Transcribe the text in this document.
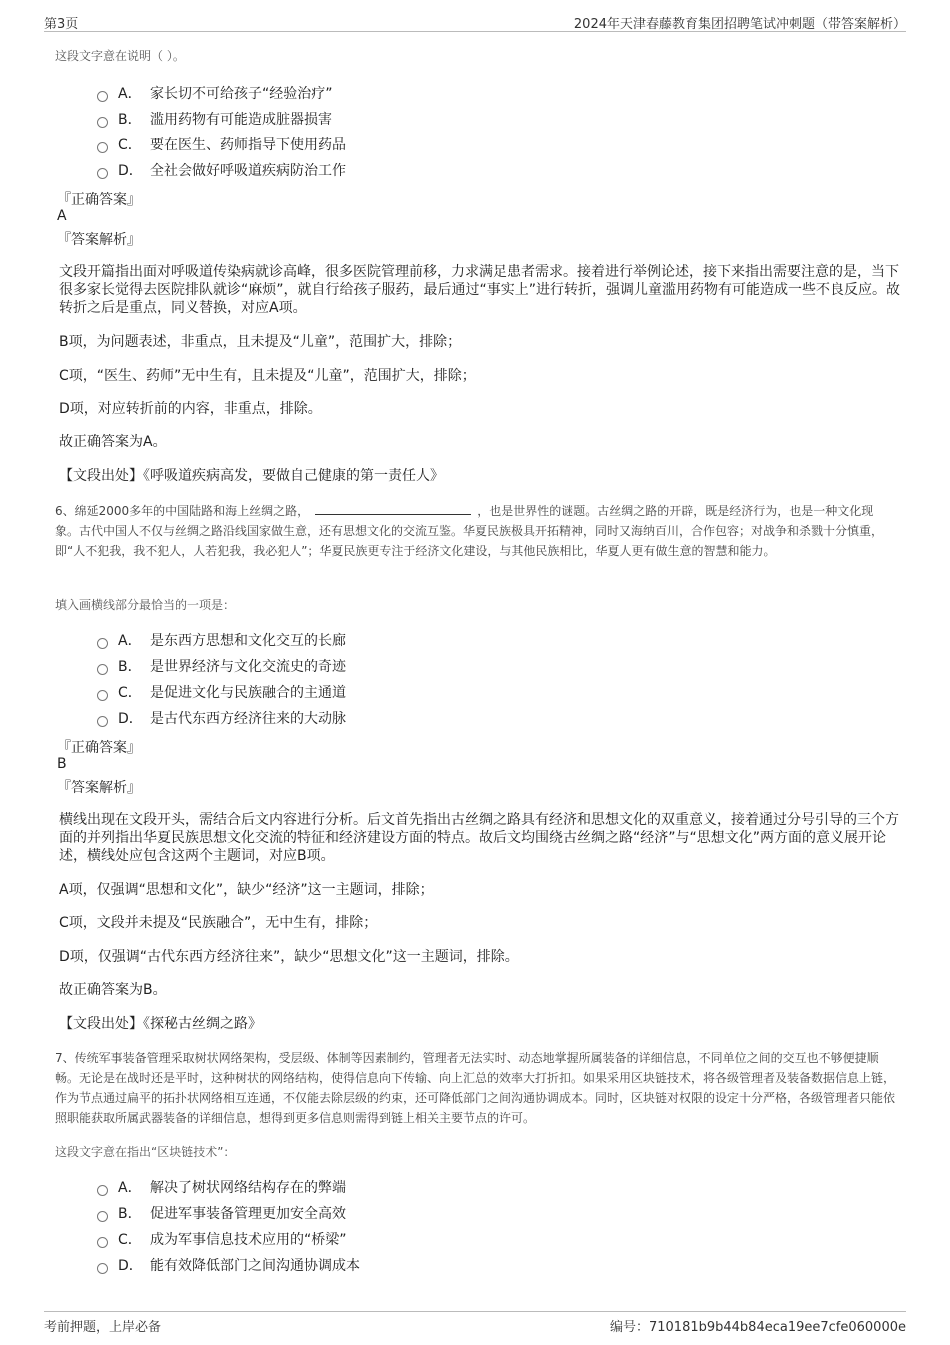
第3页	2024年天津春藤教育集团招聘笔试冲刺题（带答案解析）
这段文字意在说明（ ）。
A． 家长切不可给孩子“经验治疗”
B． 滥用药物有可能造成脏器损害
C． 要在医生、药师指导下使用药品
D． 全社会做好呼吸道疾病防治工作
『正确答案』
A
『答案解析』
文段开篇指出面对呼吸道传染病就诊高峰，很多医院管理前移，力求满足患者需求。接着进行举例论述，接下来指出需要注意的是，当下很多家长觉得去医院排队就诊“麻烦”，就自行给孩子服药，最后通过“事实上”进行转折，强调儿童滥用药物有可能造成一些不良反应。故转折之后是重点，同义替换，对应A项。
B项，为问题表述，非重点，且未提及“儿童”，范围扩大，排除；
C项，“医生、药师”无中生有，且未提及“儿童”，范围扩大，排除；
D项，对应转折前的内容，非重点，排除。
故正确答案为A。
【文段出处】《呼吸道疾病高发，要做自己健康的第一责任人》
6、绵延2000多年的中国陆路和海上丝绸之路，	，也是世界性的谜题。古丝绸之路的开辟，既是经济行为，也是一种文化现象。古代中国人不仅与丝绸之路沿线国家做生意，还有思想文化的交流互鉴。华夏民族极具开拓精神，同时又海纳百川，合作包容；对战争和杀戮十分慎重，即“人不犯我，我不犯人，人若犯我，我必犯人”；华夏民族更专注于经济文化建设，与其他民族相比，华夏人更有做生意的智慧和能力。
填入画横线部分最恰当的一项是：
A． 是东西方思想和文化交互的长廊
B． 是世界经济与文化交流史的奇迹
C． 是促进文化与民族融合的主通道
D． 是古代东西方经济往来的大动脉
『正确答案』
B
『答案解析』
横线出现在文段开头，需结合后文内容进行分析。后文首先指出古丝绸之路具有经济和思想文化的双重意义，接着通过分号引导的三个方面的并列指出华夏民族思想文化交流的特征和经济建设方面的特点。故后文均围绕古丝绸之路“经济”与“思想文化”两方面的意义展开论述，横线处应包含这两个主题词，对应B项。
A项，仅强调“思想和文化”，缺少“经济”这一主题词，排除；
C项，文段并未提及“民族融合”，无中生有，排除；
D项，仅强调“古代东西方经济往来”，缺少“思想文化”这一主题词，排除。
故正确答案为B。
【文段出处】《探秘古丝绸之路》
7、传统军事装备管理采取树状网络架构，受层级、体制等因素制约，管理者无法实时、动态地掌握所属装备的详细信息，不同单位之间的交互也不够便捷顺畅。无论是在战时还是平时，这种树状的网络结构，使得信息向下传输、向上汇总的效率大打折扣。如果采用区块链技术，将各级管理者及装备数据信息上链，作为节点通过扁平的拓扑状网络相互连通，不仅能去除层级的约束，还可降低部门之间沟通协调成本。同时，区块链对权限的设定十分严格，各级管理者只能依照职能获取所属武器装备的详细信息，想得到更多信息则需得到链上相关主要节点的许可。
这段文字意在指出“区块链技术”：
A． 解决了树状网络结构存在的弊端
B． 促进军事装备管理更加安全高效
C． 成为军事信息技术应用的“桥梁”
D． 能有效降低部门之间沟通协调成本
考前押题，上岸必备	编号：710181b9b44b84eca19ee7cfe060000e
